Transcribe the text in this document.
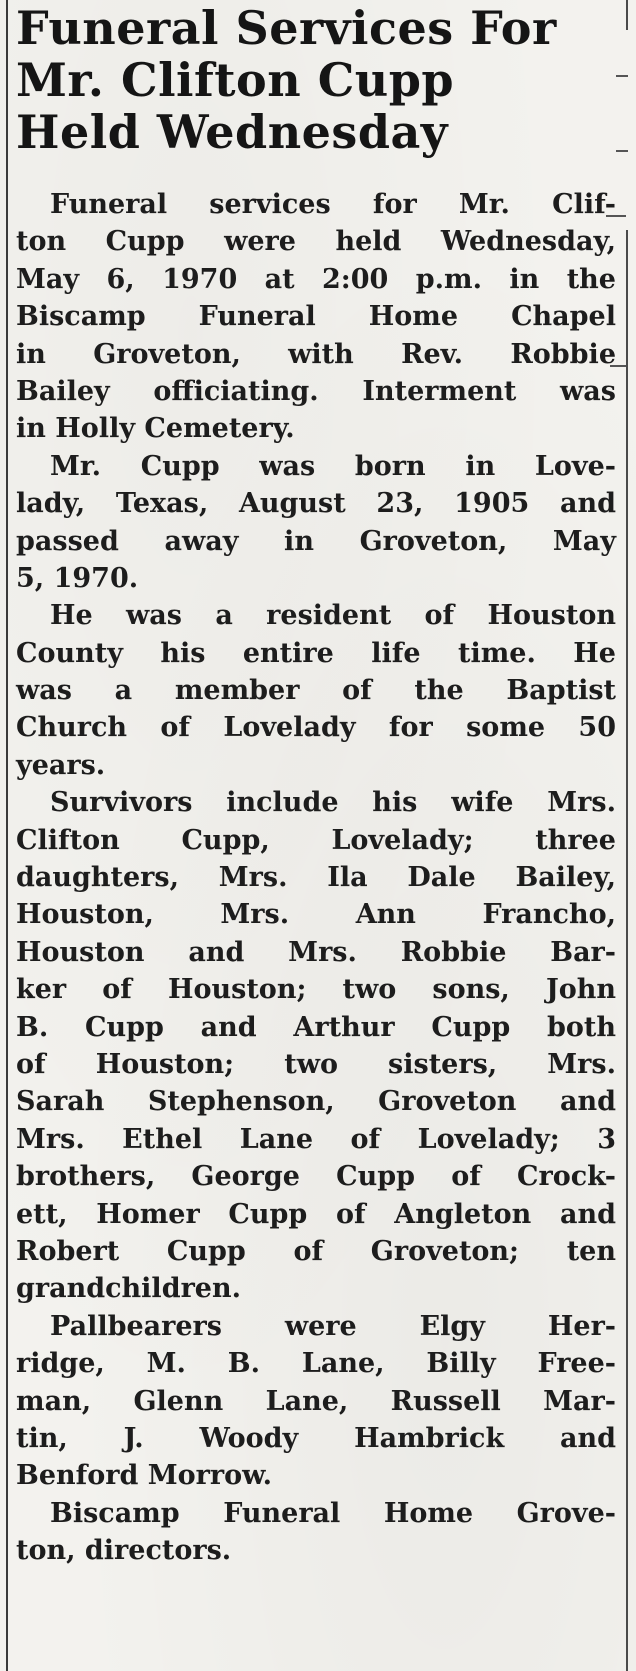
Funeral Services For
Mr. Clifton Cupp
Held Wednesday

Funeral services for Mr. Clif-
ton Cupp were held Wednesday,
May 6, 1970 at 2:00 p.m. in the
Biscamp Funeral Home Chapel
in Groveton, with Rev. Robbie
Bailey officiating. Interment was
in Holly Cemetery.

Mr. Cupp was born in Love-
lady, Texas, August 23, 1905 and
passed away in Groveton, May
5, 1970.

He was a resident of Houston
County his entire life time. He
was a member of the Baptist
Church of Lovelady for some 50
years.

Survivors include his wife Mrs.
Clifton Cupp, Lovelady; three
daughters, Mrs. Ila Dale Bailey,
Houston, Mrs. Ann Francho,
Houston and Mrs. Robbie Bar-
ker of Houston; two sons, John
B. Cupp and Arthur Cupp both
of Houston; two sisters, Mrs.
Sarah Stephenson, Groveton and
Mrs. Ethel Lane of Lovelady; 3
brothers, George Cupp of Crock-
ett, Homer Cupp of Angleton and
Robert Cupp of Groveton; ten
grandchildren.

Pallbearers were Elgy Her-
ridge, M. B. Lane, Billy Free-
man, Glenn Lane, Russell Mar-
tin, J. Woody Hambrick and
Benford Morrow.

Biscamp Funeral Home Grove-
ton, directors.
